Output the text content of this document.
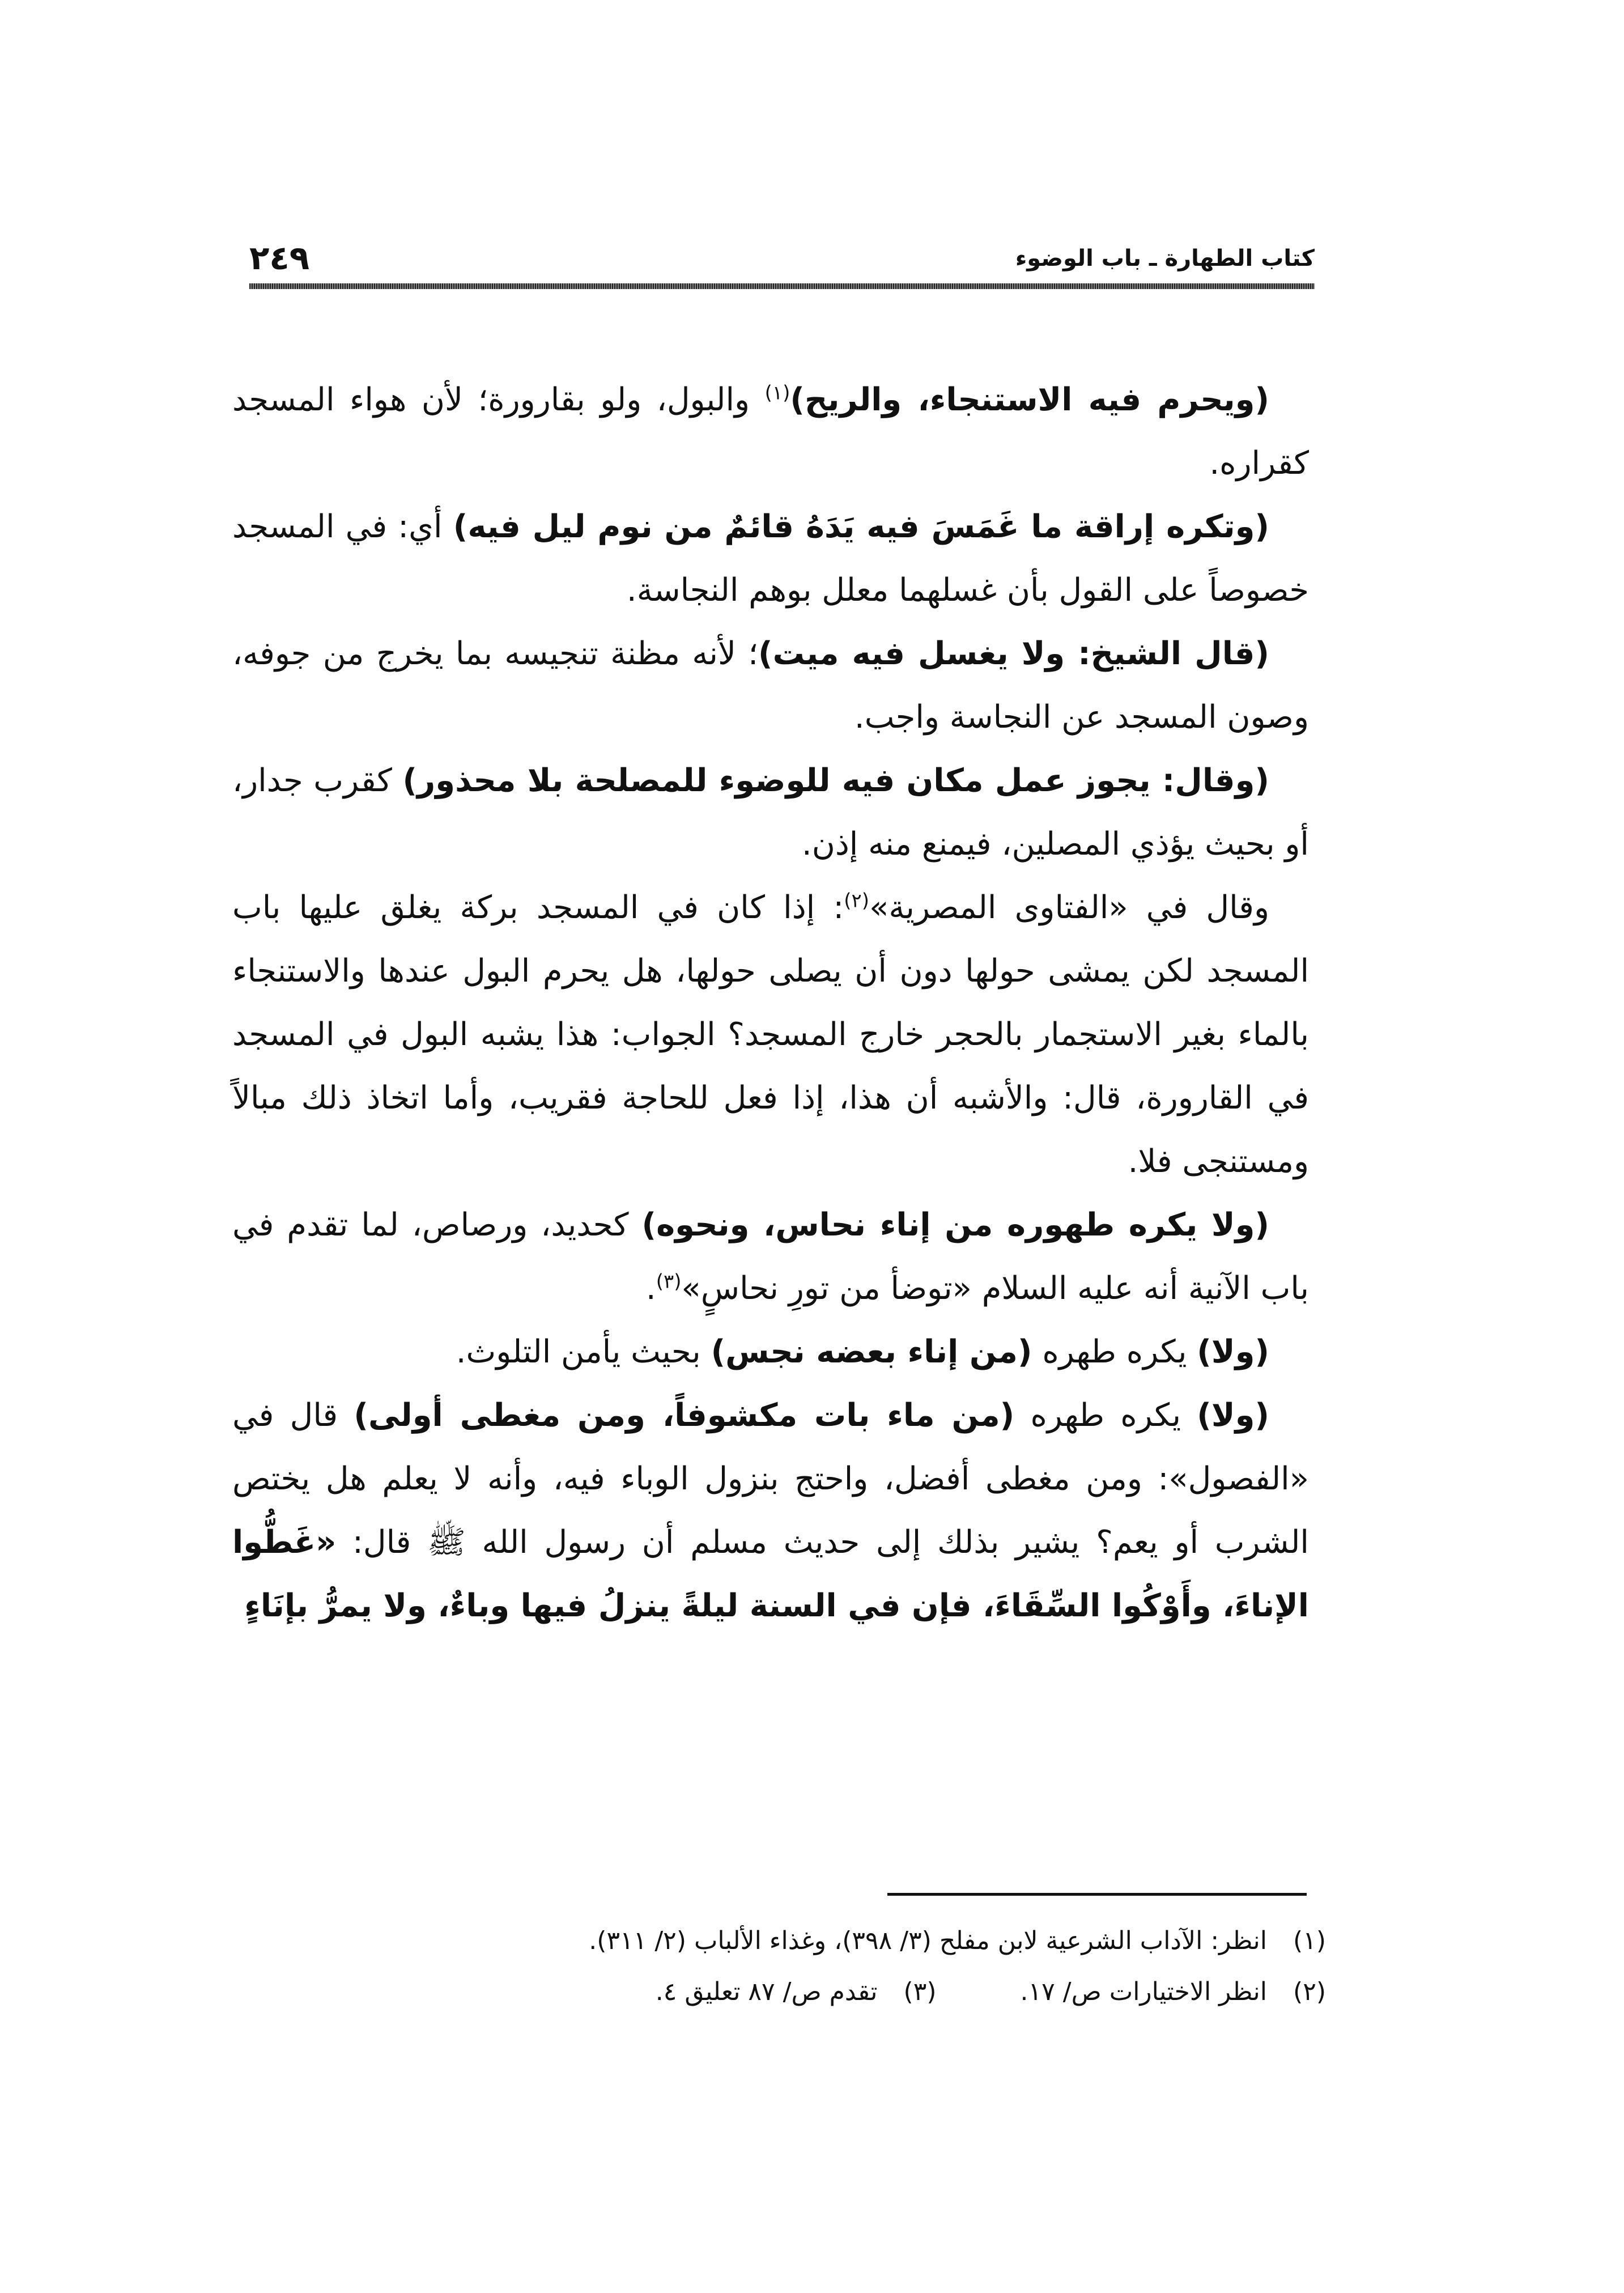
كتاب الطهارة ـ باب الوضوء
٢٤٩

(ويحرم فيه الاستنجاء، والريح)$^{(١)}$ والبول، ولو بقارورة؛ لأن هواء المسجد كقراره.

(وتكره إراقة ما غَمَسَ فيه يَدَهُ قائمٌ من نوم ليل فيه) أي: في المسجد خصوصاً على القول بأن غسلهما معلل بوهم النجاسة.

(قال الشيخ: ولا يغسل فيه ميت)؛ لأنه مظنة تنجيسه بما يخرج من جوفه، وصون المسجد عن النجاسة واجب.

(وقال: يجوز عمل مكان فيه للوضوء للمصلحة بلا محذور) كقرب جدار، أو بحيث يؤذي المصلين، فيمنع منه إذن.

وقال في «الفتاوى المصرية»$^{(٢)}$: إذا كان في المسجد بركة يغلق عليها باب المسجد لكن يمشى حولها دون أن يصلى حولها، هل يحرم البول عندها والاستنجاء بالماء بغير الاستجمار بالحجر خارج المسجد؟ الجواب: هذا يشبه البول في المسجد في القارورة، قال: والأشبه أن هذا، إذا فعل للحاجة فقريب، وأما اتخاذ ذلك مبالاً ومستنجى فلا.

(ولا يكره طهوره من إناء نحاس، ونحوه) كحديد، ورصاص، لما تقدم في باب الآنية أنه عليه السلام «توضأ من تورِ نحاسٍ»$^{(٣)}$.

(ولا) يكره طهره (من إناء بعضه نجس) بحيث يأمن التلوث.

(ولا) يكره طهره (من ماء بات مكشوفاً، ومن مغطى أولى) قال في «الفصول»: ومن مغطى أفضل، واحتج بنزول الوباء فيه، وأنه لا يعلم هل يختص الشرب أو يعم؟ يشير بذلك إلى حديث مسلم أن رسول الله ﷺ قال: «غَطُّوا الإناءَ، وأَوْكُوا السِّقَاءَ، فإن في السنة ليلةً ينزلُ فيها وباءٌ، ولا يمرُّ بإنَاءٍ

(١) انظر: الآداب الشرعية لابن مفلح (٣/ ٣٩٨)، وغذاء الألباب (٢/ ٣١١).
(٢) انظر الاختيارات ص/ ١٧.  (٣) تقدم ص/ ٨٧ تعليق ٤.
